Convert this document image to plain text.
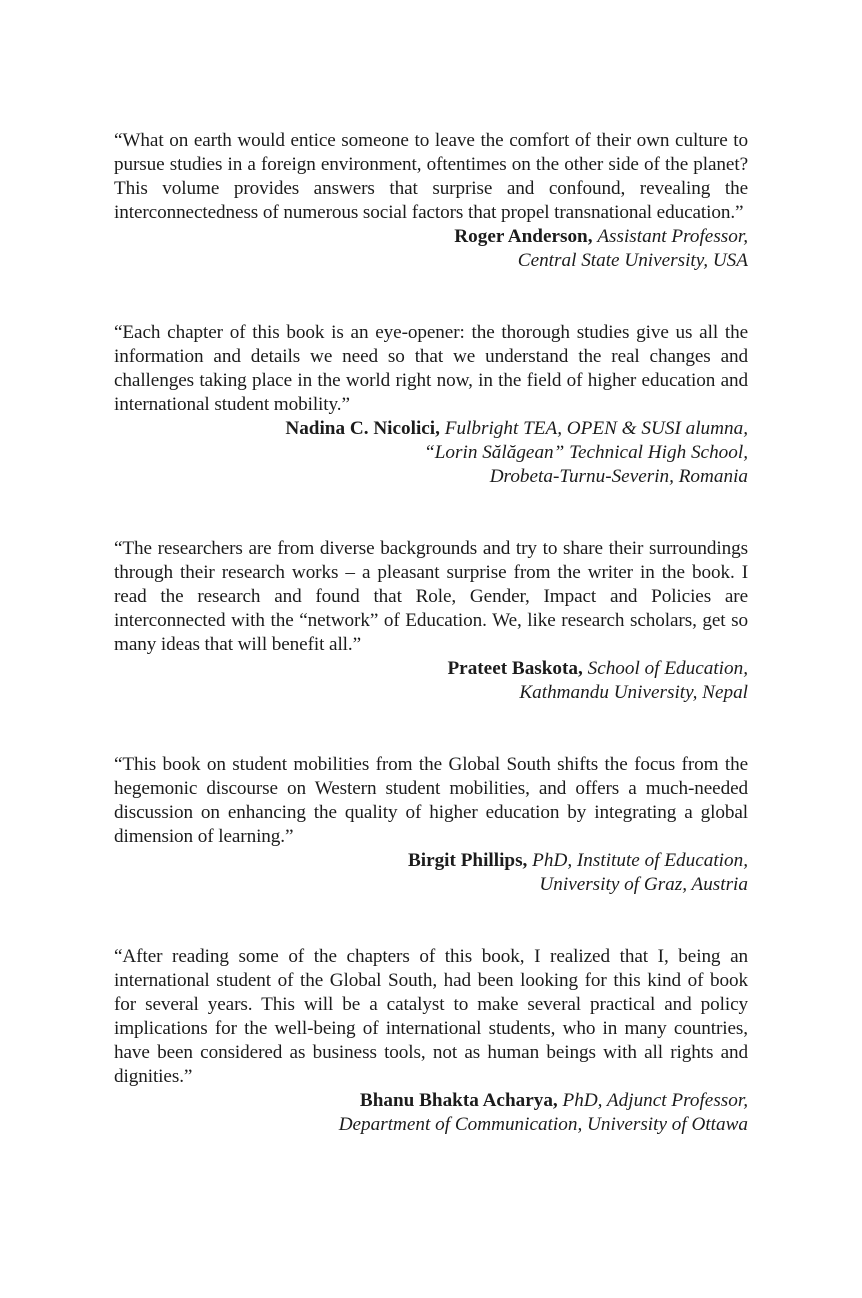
“What on earth would entice someone to leave the comfort of their own culture to pursue studies in a foreign environment, oftentimes on the other side of the planet? This volume provides answers that surprise and confound, revealing the interconnectedness of numerous social factors that propel transnational education.”

Roger Anderson, Assistant Professor,
Central State University, USA

“Each chapter of this book is an eye-opener: the thorough studies give us all the information and details we need so that we understand the real changes and challenges taking place in the world right now, in the field of higher education and international student mobility.”

Nadina C. Nicolici, Fulbright TEA, OPEN & SUSI alumna,
“Lorin Sălăgean” Technical High School,
Drobeta-Turnu-Severin, Romania

“The researchers are from diverse backgrounds and try to share their surroundings through their research works – a pleasant surprise from the writer in the book. I read the research and found that Role, Gender, Impact and Policies are interconnected with the “network” of Education. We, like research scholars, get so many ideas that will benefit all.”

Prateet Baskota, School of Education,
Kathmandu University, Nepal

“This book on student mobilities from the Global South shifts the focus from the hegemonic discourse on Western student mobilities, and offers a much-needed discussion on enhancing the quality of higher education by integrating a global dimension of learning.”

Birgit Phillips, PhD, Institute of Education,
University of Graz, Austria

“After reading some of the chapters of this book, I realized that I, being an international student of the Global South, had been looking for this kind of book for several years. This will be a catalyst to make several practical and policy implications for the well-being of international students, who in many countries, have been considered as business tools, not as human beings with all rights and dignities.”

Bhanu Bhakta Acharya, PhD, Adjunct Professor,
Department of Communication, University of Ottawa
